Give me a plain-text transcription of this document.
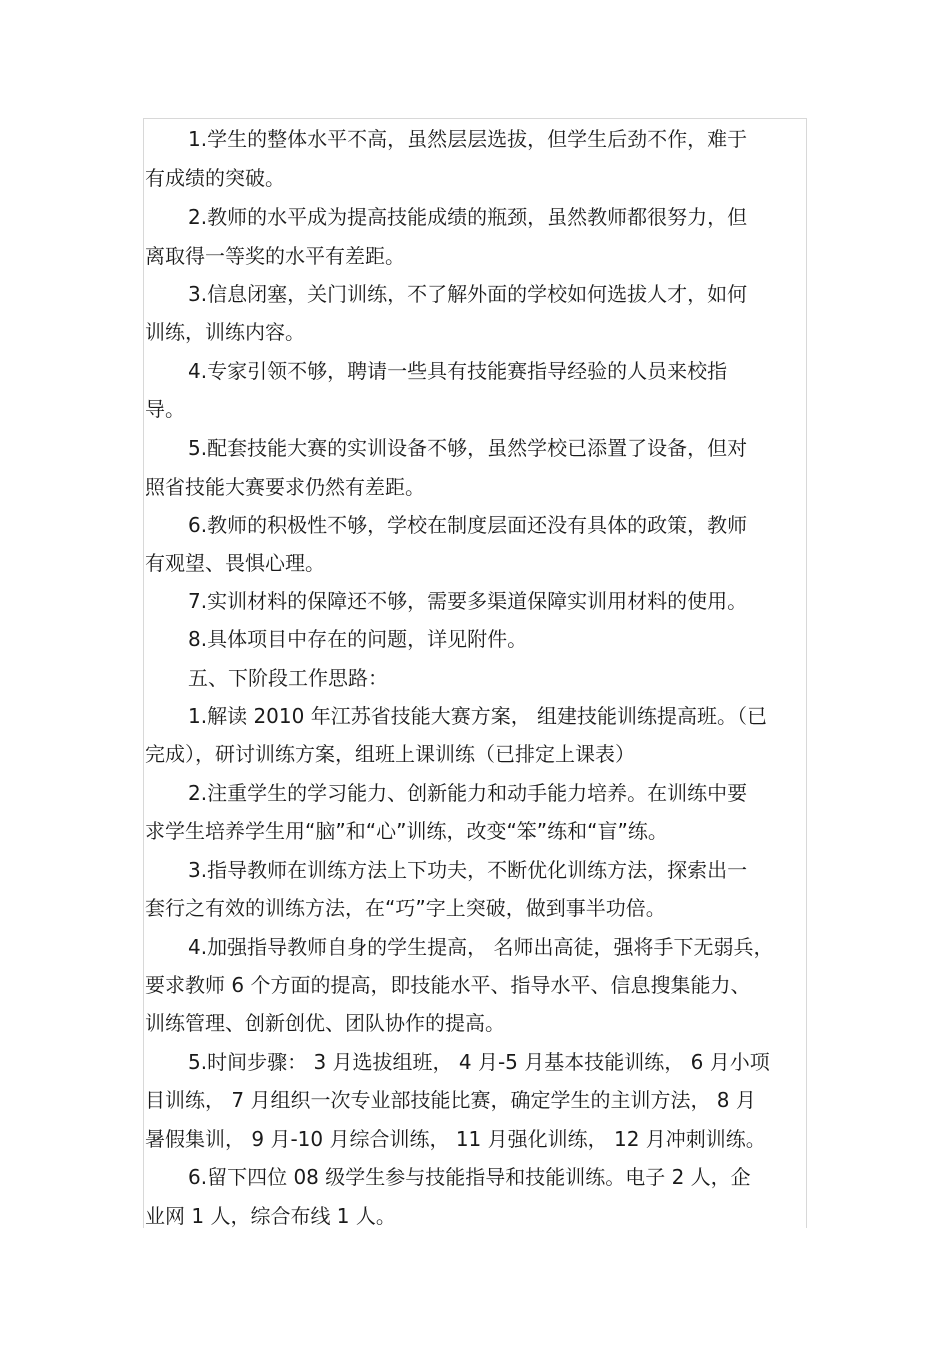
1.学生的整体水平不高，虽然层层选拔，但学生后劲不作，难于
有成绩的突破。
2.教师的水平成为提高技能成绩的瓶颈，虽然教师都很努力，但
离取得一等奖的水平有差距。
3.信息闭塞，关门训练，不了解外面的学校如何选拔人才，如何
训练，训练内容。
4.专家引领不够，聘请一些具有技能赛指导经验的人员来校指
导。
5.配套技能大赛的实训设备不够，虽然学校已添置了设备，但对
照省技能大赛要求仍然有差距。
6.教师的积极性不够，学校在制度层面还没有具体的政策，教师
有观望、畏惧心理。
7.实训材料的保障还不够，需要多渠道保障实训用材料的使用。
8.具体项目中存在的问题，详见附件。
五、下阶段工作思路：
1.解读 2010 年江苏省技能大赛方案， 组建技能训练提高班。（已
完成），研讨训练方案，组班上课训练（已排定上课表）
2.注重学生的学习能力、创新能力和动手能力培养。在训练中要
求学生培养学生用“脑”和“心”训练，改变“笨”练和“盲”练。
3.指导教师在训练方法上下功夫，不断优化训练方法，探索出一
套行之有效的训练方法，在“巧”字上突破，做到事半功倍。
4.加强指导教师自身的学生提高， 名师出高徒，强将手下无弱兵，
要求教师 6 个方面的提高，即技能水平、指导水平、信息搜集能力、
训练管理、创新创优、团队协作的提高。
5.时间步骤： 3 月选拔组班， 4 月-5 月基本技能训练， 6 月小项
目训练， 7 月组织一次专业部技能比赛，确定学生的主训方法， 8 月
暑假集训， 9 月-10 月综合训练， 11 月强化训练， 12 月冲刺训练。
6.留下四位 08 级学生参与技能指导和技能训练。电子 2 人，企
业网 1 人，综合布线 1 人。
